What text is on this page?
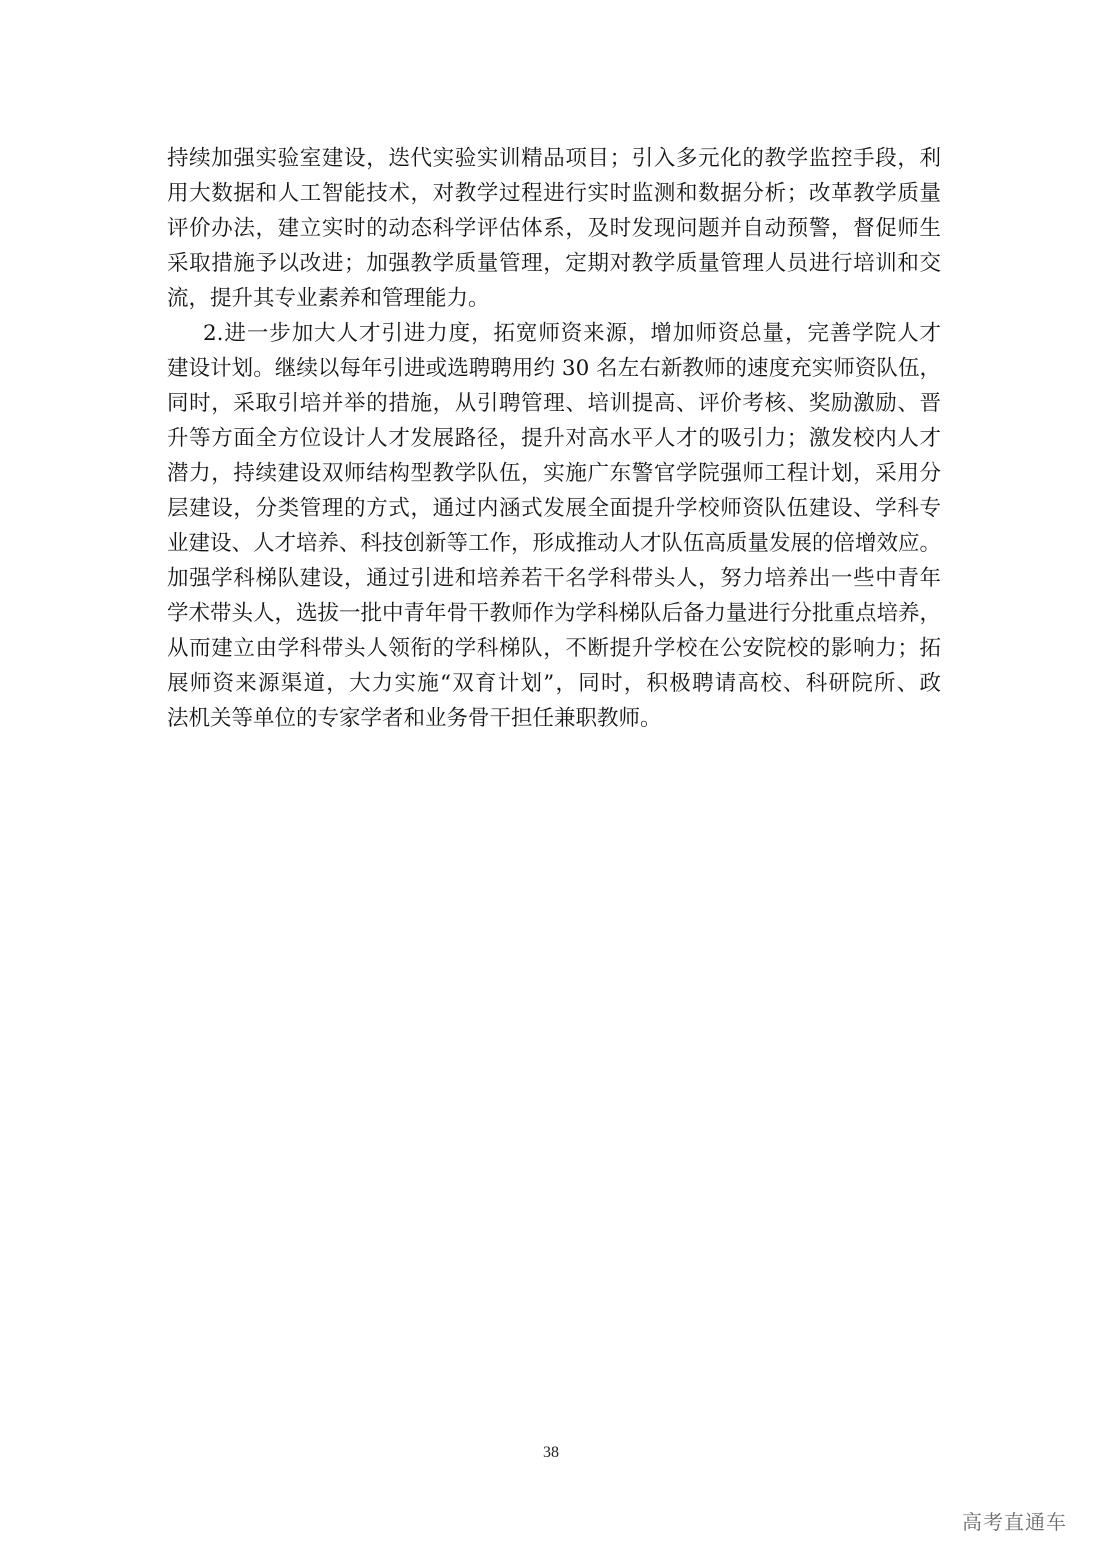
持续加强实验室建设，迭代实验实训精品项目；引入多元化的教学监控手段，利
用大数据和人工智能技术，对教学过程进行实时监测和数据分析；改革教学质量
评价办法，建立实时的动态科学评估体系，及时发现问题并自动预警，督促师生
采取措施予以改进；加强教学质量管理，定期对教学质量管理人员进行培训和交
流，提升其专业素养和管理能力。
2.进一步加大人才引进力度，拓宽师资来源，增加师资总量，完善学院人才
建设计划。继续以每年引进或选聘聘用约 30 名左右新教师的速度充实师资队伍，
同时，采取引培并举的措施，从引聘管理、培训提高、评价考核、奖励激励、晋
升等方面全方位设计人才发展路径，提升对高水平人才的吸引力；激发校内人才
潜力，持续建设双师结构型教学队伍，实施广东警官学院强师工程计划，采用分
层建设，分类管理的方式，通过内涵式发展全面提升学校师资队伍建设、学科专
业建设、人才培养、科技创新等工作，形成推动人才队伍高质量发展的倍增效应。
加强学科梯队建设，通过引进和培养若干名学科带头人，努力培养出一些中青年
学术带头人，选拔一批中青年骨干教师作为学科梯队后备力量进行分批重点培养，
从而建立由学科带头人领衔的学科梯队，不断提升学校在公安院校的影响力；拓
展师资来源渠道，大力实施“双育计划”，同时，积极聘请高校、科研院所、政
法机关等单位的专家学者和业务骨干担任兼职教师。
38
高考直通车
